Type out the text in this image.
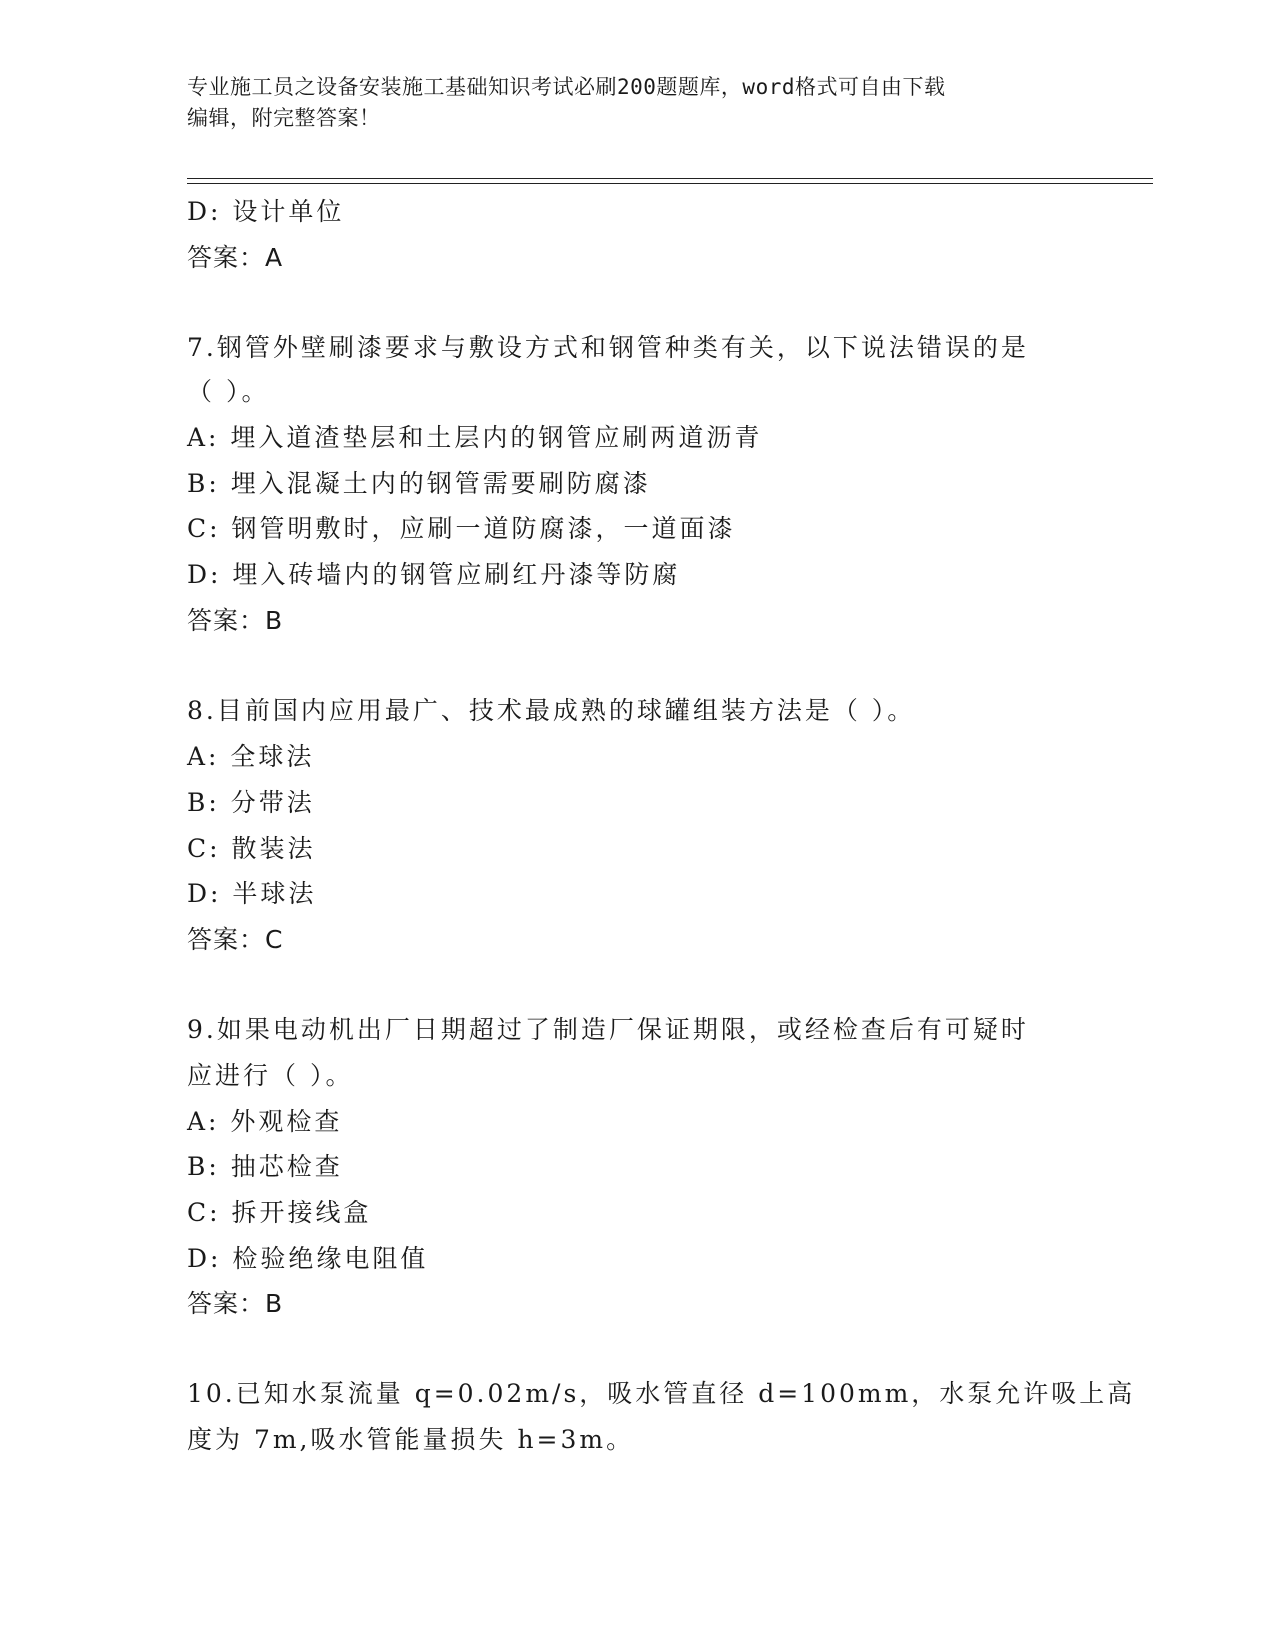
专业施工员之设备安装施工基础知识考试必刷200题题库，word格式可自由下载
编辑，附完整答案！
D: 设计单位
答案：A
7.钢管外壁刷漆要求与敷设方式和钢管种类有关，以下说法错误的是
（ ）。
A: 埋入道渣垫层和土层内的钢管应刷两道沥青
B: 埋入混凝土内的钢管需要刷防腐漆
C: 钢管明敷时，应刷一道防腐漆，一道面漆
D: 埋入砖墙内的钢管应刷红丹漆等防腐
答案：B
8.目前国内应用最广、技术最成熟的球罐组装方法是（ ）。
A: 全球法
B: 分带法
C: 散装法
D: 半球法
答案：C
9.如果电动机出厂日期超过了制造厂保证期限，或经检查后有可疑时
应进行（ ）。
A: 外观检查
B: 抽芯检查
C: 拆开接线盒
D: 检验绝缘电阻值
答案：B
10.已知水泵流量 q=0.02m/s，吸水管直径 d=100mm，水泵允许吸上高
度为 7m,吸水管能量损失 h=3m。
